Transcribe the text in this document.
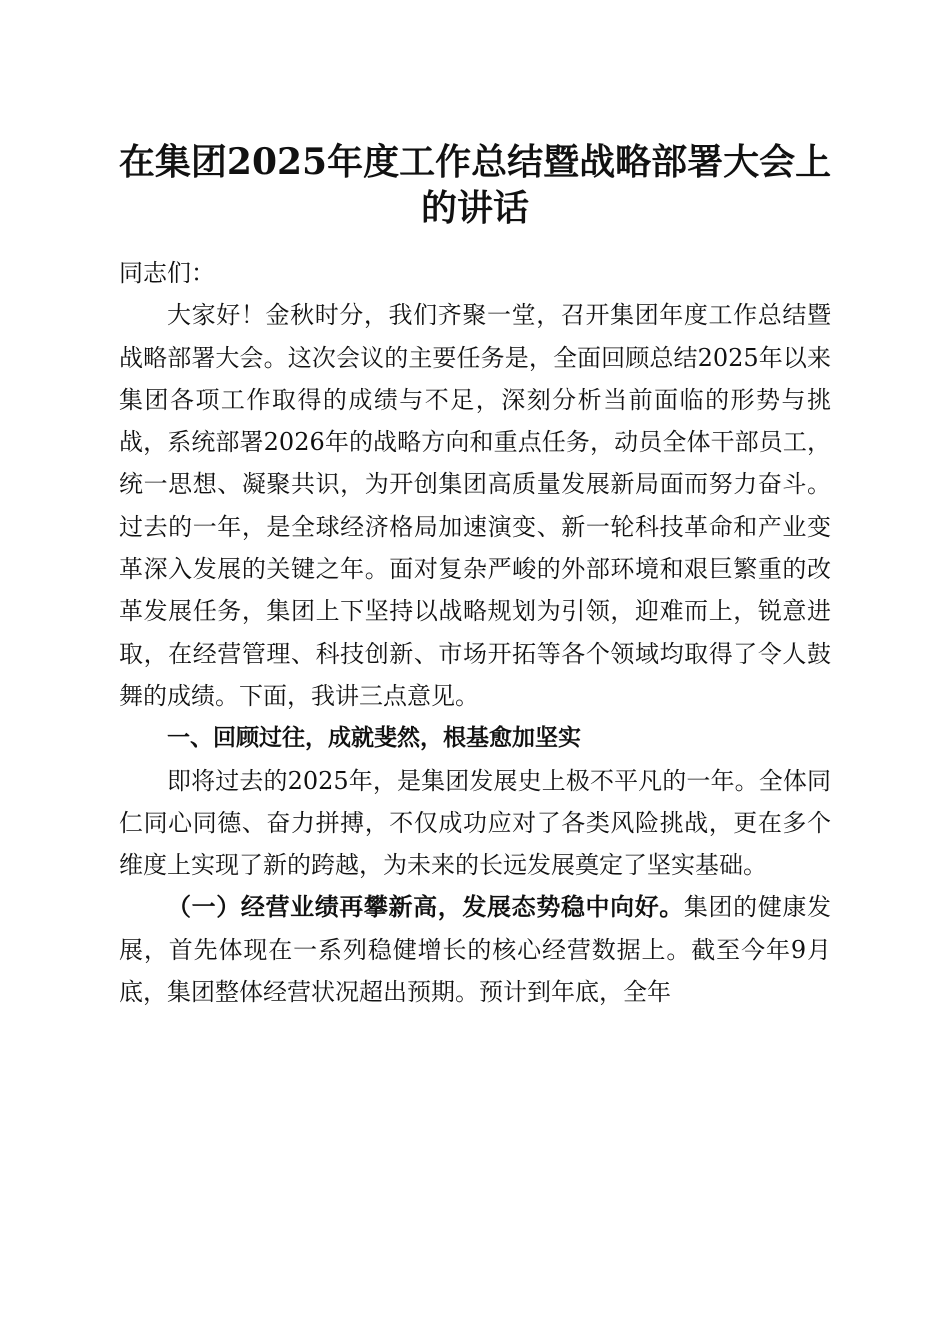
在集团2025年度工作总结暨战略部署大会上
的讲话

同志们：

大家好！金秋时分，我们齐聚一堂，召开集团年度工作总结暨战略部署大会。这次会议的主要任务是，全面回顾总结2025年以来集团各项工作取得的成绩与不足，深刻分析当前面临的形势与挑战，系统部署2026年的战略方向和重点任务，动员全体干部员工，统一思想、凝聚共识，为开创集团高质量发展新局面而努力奋斗。过去的一年，是全球经济格局加速演变、新一轮科技革命和产业变革深入发展的关键之年。面对复杂严峻的外部环境和艰巨繁重的改革发展任务，集团上下坚持以战略规划为引领，迎难而上，锐意进取，在经营管理、科技创新、市场开拓等各个领域均取得了令人鼓舞的成绩。下面，我讲三点意见。

一、回顾过往，成就斐然，根基愈加坚实

即将过去的2025年，是集团发展史上极不平凡的一年。全体同仁同心同德、奋力拼搏，不仅成功应对了各类风险挑战，更在多个维度上实现了新的跨越，为未来的长远发展奠定了坚实基础。

（一）经营业绩再攀新高，发展态势稳中向好。集团的健康发展，首先体现在一系列稳健增长的核心经营数据上。截至今年9月底，集团整体经营状况超出预期。预计到年底，全年
